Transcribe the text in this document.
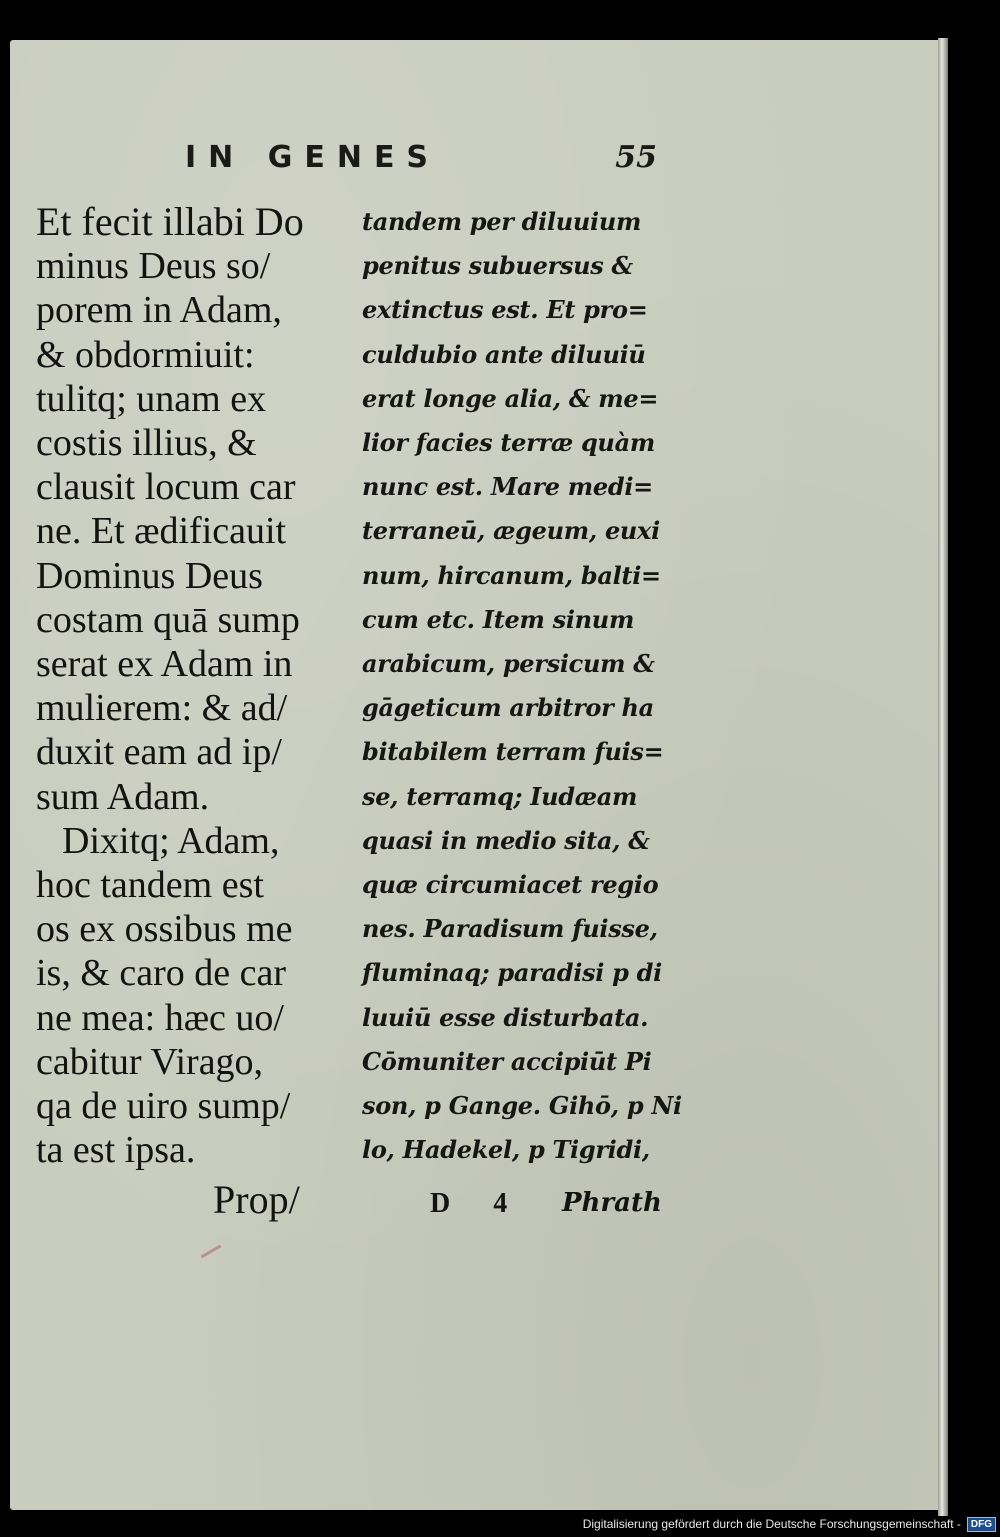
IN GENES	55
Et fecit illabi Do
minus Deus so/
porem in Adam,
& obdormiuit:
tulitq; unam ex
costis illius, &
clausit locum car
ne. Et ædificauit
Dominus Deus
costam quā sump
serat ex Adam in
mulierem: & ad/
duxit eam ad ip/
sum Adam.
Dixitq; Adam,
hoc tandem est
os ex ossibus me
is, & caro de car
ne mea: hæc uo/
cabitur Virago,
qa de uiro sump/
ta est ipsa.
tandem per diluuium
penitus subuersus &
extinctus est. Et pro=
culdubio ante diluuiū
erat longe alia, & me=
lior facies terræ quàm
nunc est. Mare medi=
terraneū, ægeum, euxi
num, hircanum, balti=
cum etc. Item sinum
arabicum, persicum &
gāgeticum arbitror ha
bitabilem terram fuis=
se, terramq; Iudæam
quasi in medio sita, &
quæ circumiacet regio
nes. Paradisum fuisse,
fluminaq; paradisi p di
luuiū esse disturbata.
Cōmuniter accipiūt Pi
son, p Gange. Gihō, p Ni
lo, Hadekel, p Tigridi,
Prop/	D 4 Phrath
Digitalisierung gefördert durch die Deutsche Forschungsgemeinschaft -	DFG
